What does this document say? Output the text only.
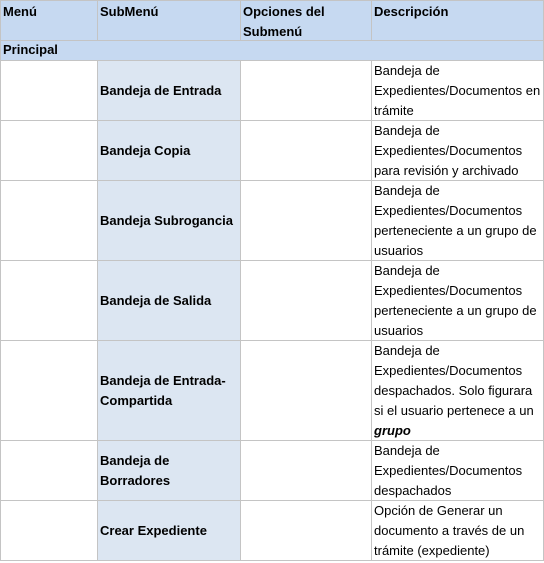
Menú	SubMenú	Opciones del Submenú
Descripción
Principal
Bandeja de Entrada
Bandeja de Expedientes/Documentos en trámite
Bandeja Copia
Bandeja de Expedientes/Documentos para revisión y archivado
Bandeja Subrogancia
Bandeja de Expedientes/Documentos perteneciente a un grupo de usuarios
Bandeja de Salida
Bandeja de Expedientes/Documentos perteneciente a un grupo de usuarios
Bandeja de Entrada-Compartida
Bandeja de Expedientes/Documentos despachados. Solo figurara si el usuario pertenece a un grupo
Bandeja de Borradores
Bandeja de Expedientes/Documentos despachados
Crear Expediente
Opción de Generar un documento a través de un trámite (expediente)
